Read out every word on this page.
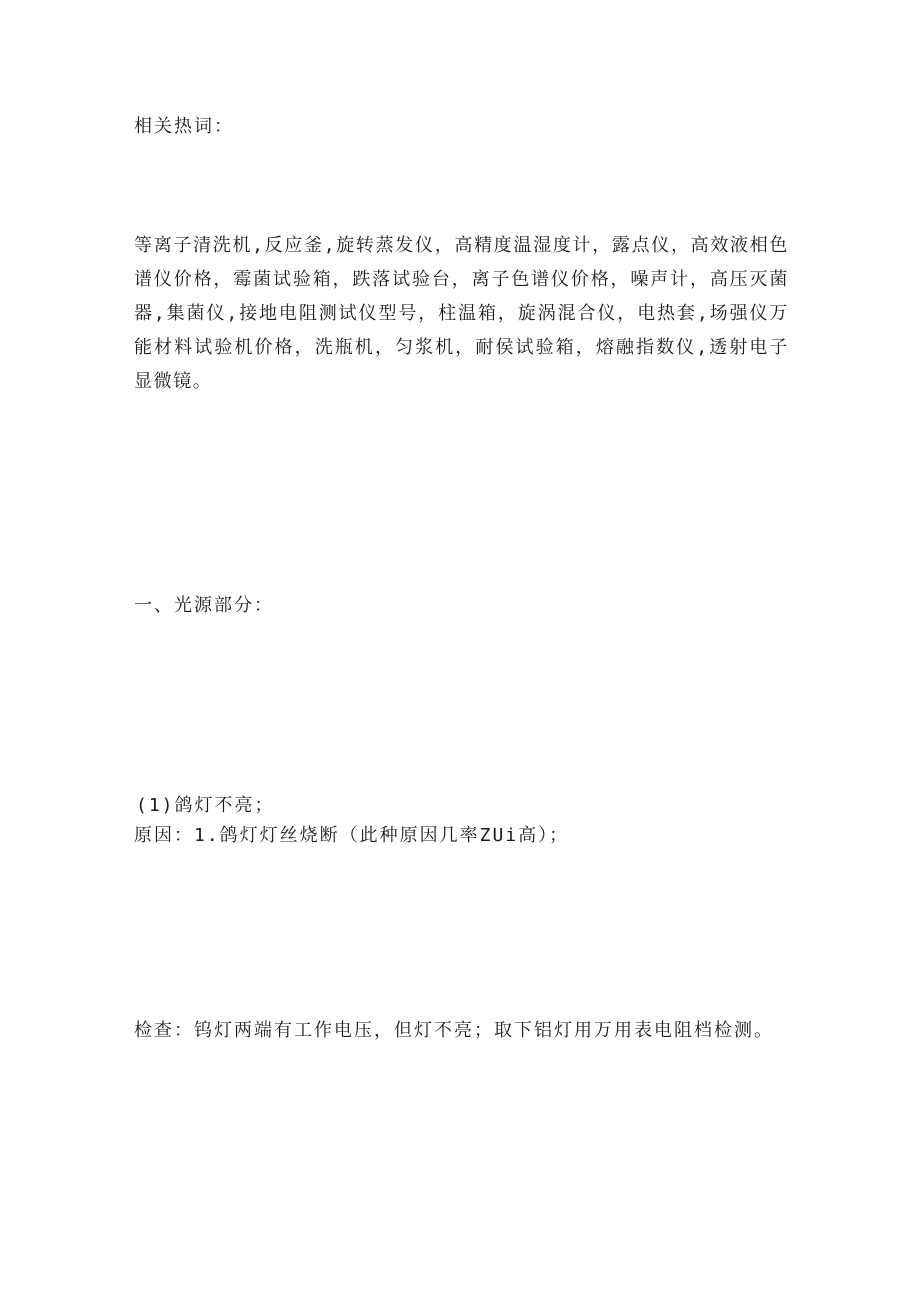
相关热词：
等离子清洗机,反应釜,旋转蒸发仪，高精度温湿度计，露点仪，高效液相色谱仪价格，霉菌试验箱，跌落试验台，离子色谱仪价格，噪声计，高压灭菌器,集菌仪,接地电阻测试仪型号，柱温箱，旋涡混合仪，电热套,场强仪万能材料试验机价格，洗瓶机，匀浆机，耐侯试验箱，熔融指数仪,透射电子显微镜。
一、光源部分：
(1)鸽灯不亮；
原因：1.鸽灯灯丝烧断（此种原因几率ZUi高）；
检查：钨灯两端有工作电压，但灯不亮；取下铝灯用万用表电阻档检测。
